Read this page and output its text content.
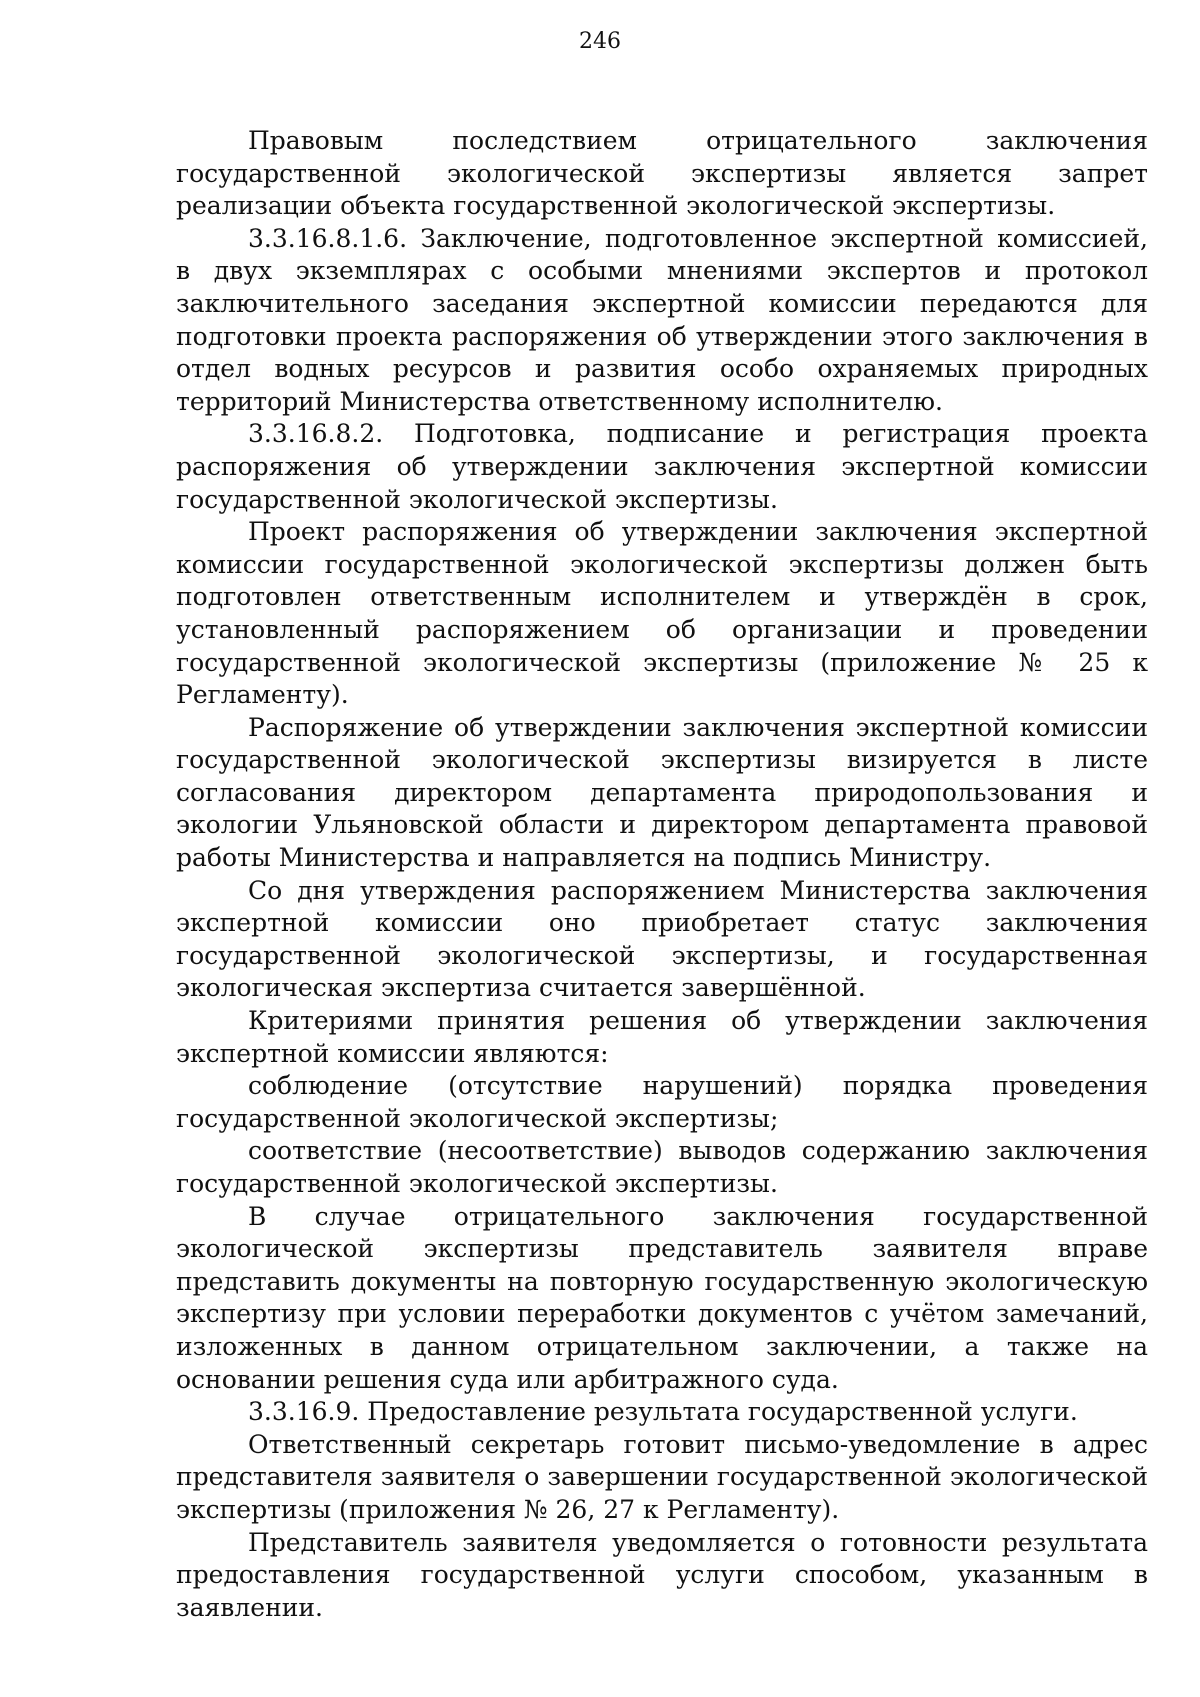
246

Правовым последствием отрицательного заключения государственной экологической экспертизы является запрет реализации объекта государственной экологической экспертизы.

3.3.16.8.1.6. Заключение, подготовленное экспертной комиссией, в двух экземплярах с особыми мнениями экспертов и протокол заключительного заседания экспертной комиссии передаются для подготовки проекта распоряжения об утверждении этого заключения в отдел водных ресурсов и развития особо охраняемых природных территорий Министерства ответственному исполнителю.

3.3.16.8.2. Подготовка, подписание и регистрация проекта распоряжения об утверждении заключения экспертной комиссии государственной экологической экспертизы.

Проект распоряжения об утверждении заключения экспертной комиссии государственной экологической экспертизы должен быть подготовлен ответственным исполнителем и утверждён в срок, установленный распоряжением об организации и проведении государственной экологической экспертизы (приложение № 25 к Регламенту).

Распоряжение об утверждении заключения экспертной комиссии государственной экологической экспертизы визируется в листе согласования директором департамента природопользования и экологии Ульяновской области и директором департамента правовой работы Министерства и направляется на подпись Министру.

Со дня утверждения распоряжением Министерства заключения экспертной комиссии оно приобретает статус заключения государственной экологической экспертизы, и государственная экологическая экспертиза считается завершённой.

Критериями принятия решения об утверждении заключения экспертной комиссии являются:

соблюдение (отсутствие нарушений) порядка проведения государственной экологической экспертизы;

соответствие (несоответствие) выводов содержанию заключения государственной экологической экспертизы.

В случае отрицательного заключения государственной экологической экспертизы представитель заявителя вправе представить документы на повторную государственную экологическую экспертизу при условии переработки документов с учётом замечаний, изложенных в данном отрицательном заключении, а также на основании решения суда или арбитражного суда.

3.3.16.9. Предоставление результата государственной услуги.

Ответственный секретарь готовит письмо-уведомление в адрес представителя заявителя о завершении государственной экологической экспертизы (приложения № 26, 27 к Регламенту).

Представитель заявителя уведомляется о готовности результата предоставления государственной услуги способом, указанным в заявлении.
